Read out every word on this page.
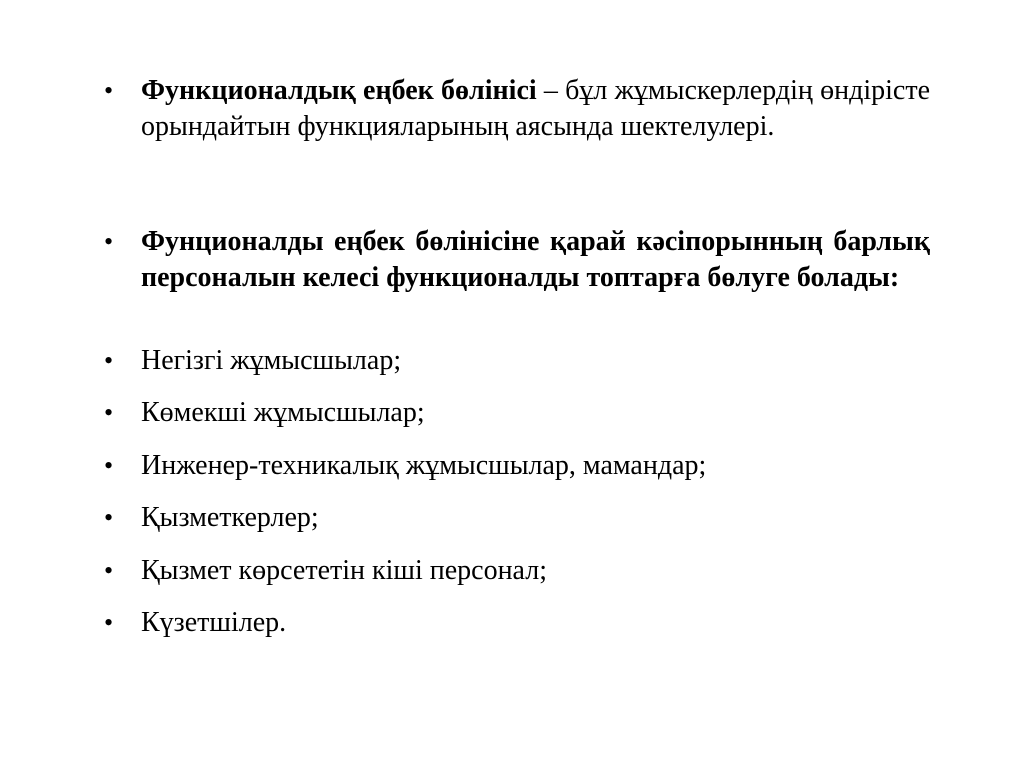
• Функционалдық еңбек бөлінісі – бұл жұмыскерлердің өндірісте орындайтын функцияларының аясында шектелулері.
• Фунционалды еңбек бөлінісіне қарай кәсіпорынның барлық персоналын келесі функционалды топтарға бөлуге болады:
• Негізгі жұмысшылар;
• Көмекші жұмысшылар;
• Инженер-техникалық жұмысшылар, мамандар;
• Қызметкерлер;
• Қызмет көрсететін кіші персонал;
• Күзетшілер.
